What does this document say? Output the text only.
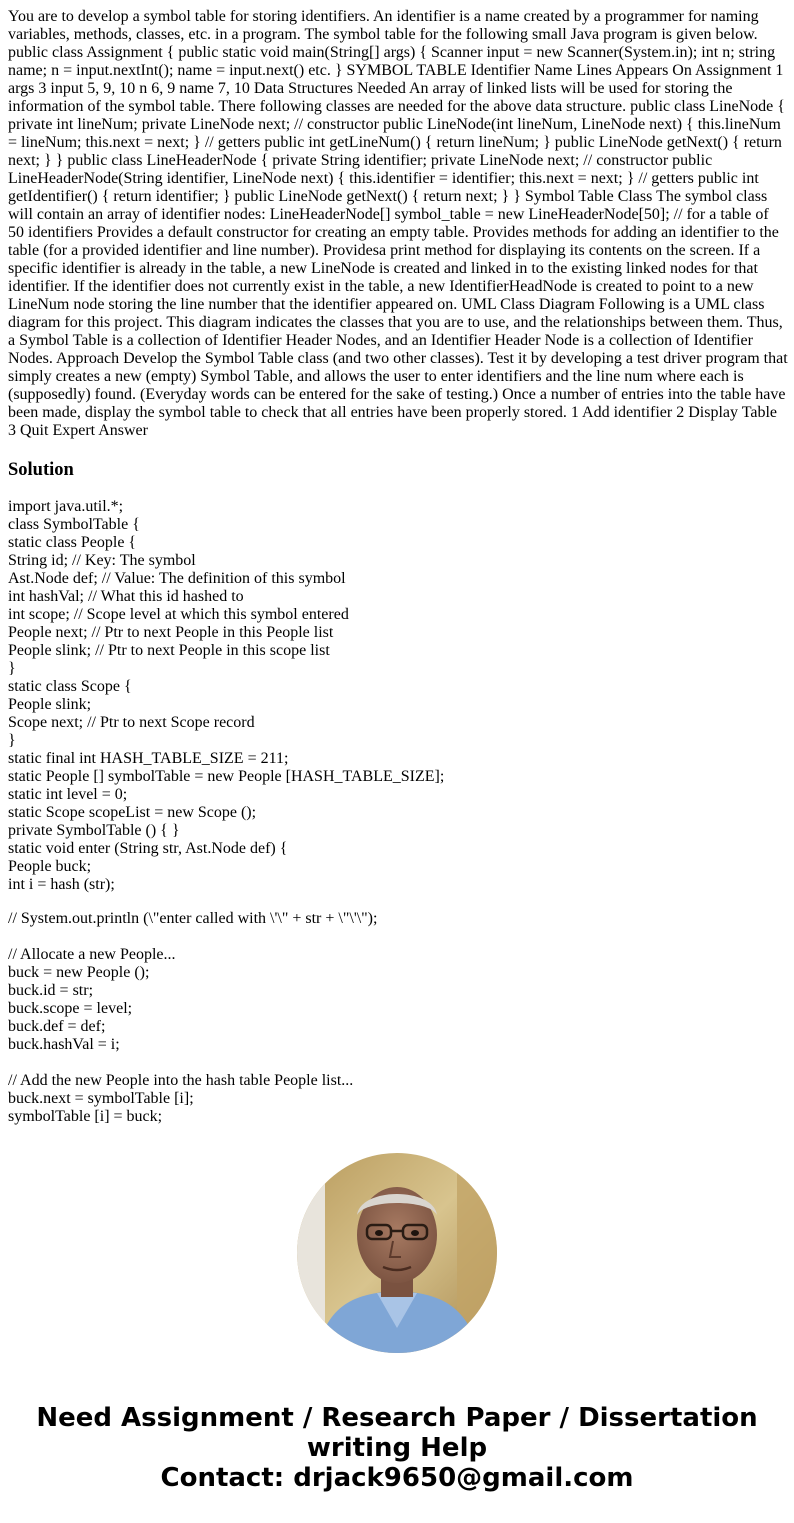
You are to develop a symbol table for storing identifiers. An identifier is a name created by a programmer for naming variables, methods, classes, etc. in a program. The symbol table for the following small Java program is given below. public class Assignment { public static void main(String[] args) { Scanner input = new Scanner(System.in); int n; string name; n = input.nextInt(); name = input.next() etc. } SYMBOL TABLE Identifier Name Lines Appears On Assignment 1 args 3 input 5, 9, 10 n 6, 9 name 7, 10 Data Structures Needed An array of linked lists will be used for storing the information of the symbol table. There following classes are needed for the above data structure. public class LineNode { private int lineNum; private LineNode next; // constructor public LineNode(int lineNum, LineNode next) { this.lineNum = lineNum; this.next = next; } // getters public int getLineNum() { return lineNum; } public LineNode getNext() { return next; } } public class LineHeaderNode { private String identifier; private LineNode next; // constructor public LineHeaderNode(String identifier, LineNode next) { this.identifier = identifier; this.next = next; } // getters public int getIdentifier() { return identifier; } public LineNode getNext() { return next; } } Symbol Table Class The symbol class will contain an array of identifier nodes: LineHeaderNode[] symbol_table = new LineHeaderNode[50]; // for a table of 50 identifiers Provides a default constructor for creating an empty table. Provides methods for adding an identifier to the table (for a provided identifier and line number). Providesa print method for displaying its contents on the screen. If a specific identifier is already in the table, a new LineNode is created and linked in to the existing linked nodes for that identifier. If the identifier does not currently exist in the table, a new IdentifierHeadNode is created to point to a new LineNum node storing the line number that the identifier appeared on. UML Class Diagram Following is a UML class diagram for this project. This diagram indicates the classes that you are to use, and the relationships between them. Thus, a Symbol Table is a collection of Identifier Header Nodes, and an Identifier Header Node is a collection of Identifier Nodes. Approach Develop the Symbol Table class (and two other classes). Test it by developing a test driver program that simply creates a new (empty) Symbol Table, and allows the user to enter identifiers and the line num where each is (supposedly) found. (Everyday words can be entered for the sake of testing.) Once a number of entries into the table have been made, display the symbol table to check that all entries have been properly stored. 1 Add identifier 2 Display Table 3 Quit Expert Answer

Solution
import java.util.*;
class SymbolTable {
static class People {
String id; // Key: The symbol
Ast.Node def; // Value: The definition of this symbol
int hashVal; // What this id hashed to
int scope; // Scope level at which this symbol entered
People next; // Ptr to next People in this People list
People slink; // Ptr to next People in this scope list
}
static class Scope {
People slink;
Scope next; // Ptr to next Scope record
}
static final int HASH_TABLE_SIZE = 211;
static People [] symbolTable = new People [HASH_TABLE_SIZE];
static int level = 0;
static Scope scopeList = new Scope ();
private SymbolTable () { }
static void enter (String str, Ast.Node def) {
People buck;
int i = hash (str);
// System.out.println (\"enter called with \'\" + str + \"\'\");
// Allocate a new People...
buck = new People ();
buck.id = str;
buck.scope = level;
buck.def = def;
buck.hashVal = i;
// Add the new People into the hash table People list...
buck.next = symbolTable [i];
symbolTable [i] = buck;
Need Assignment / Research Paper / Dissertation
writing Help
Contact: drjack9650@gmail.com
